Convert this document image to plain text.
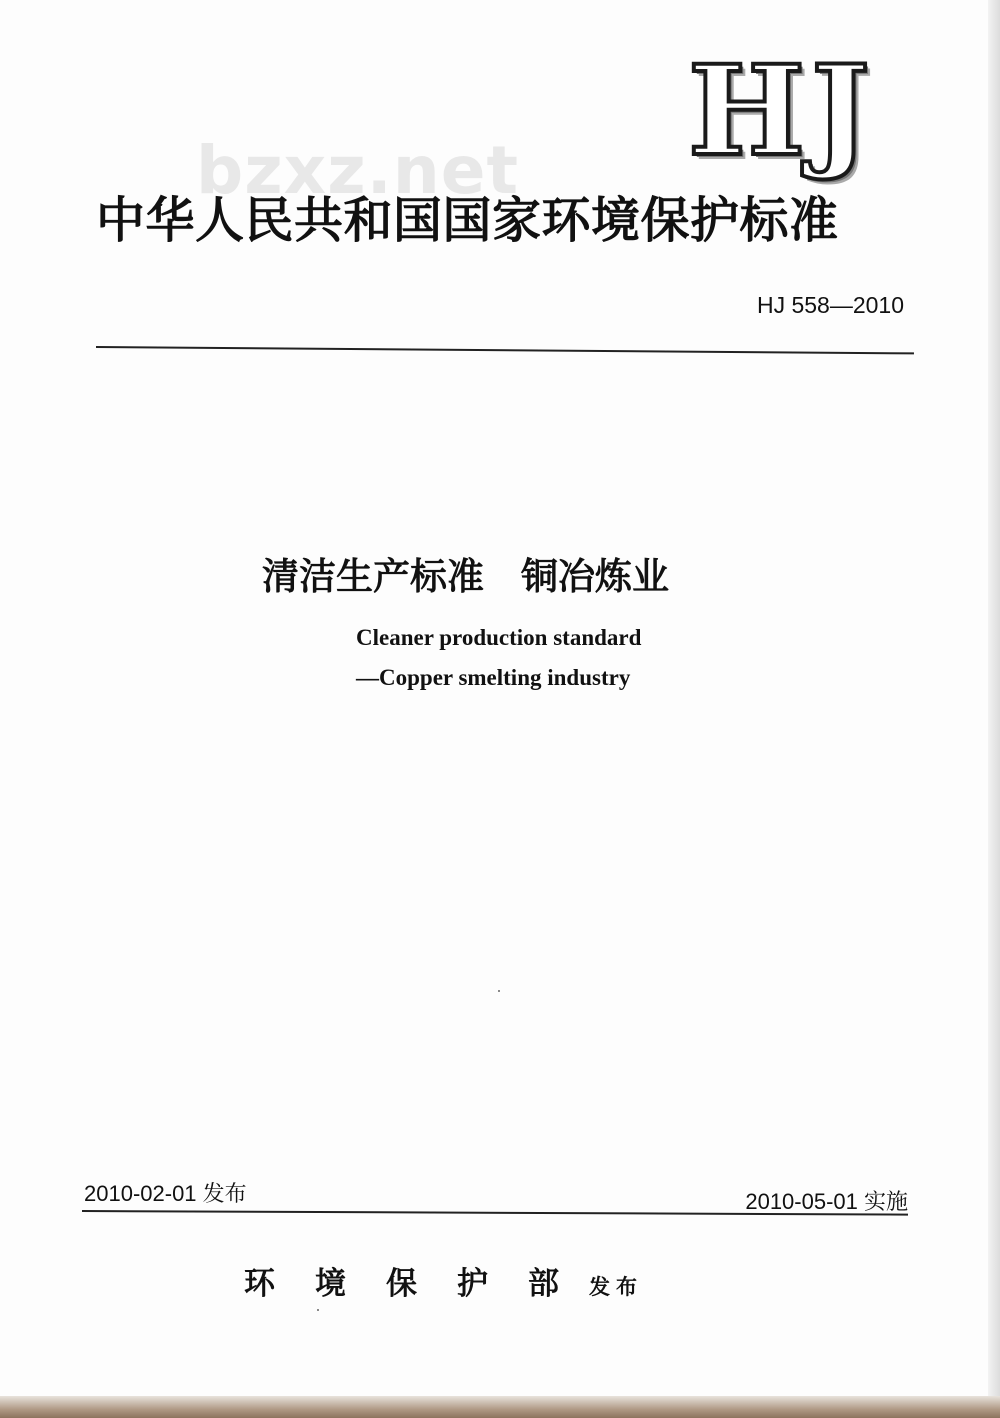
HJ
bzxz.net
中华人民共和国国家环境保护标准
HJ 558—2010
清洁生产标准　铜冶炼业
Cleaner production standard
—Copper smelting industry
2010-02-01 发布	2010-05-01 实施
环境保护部发布
